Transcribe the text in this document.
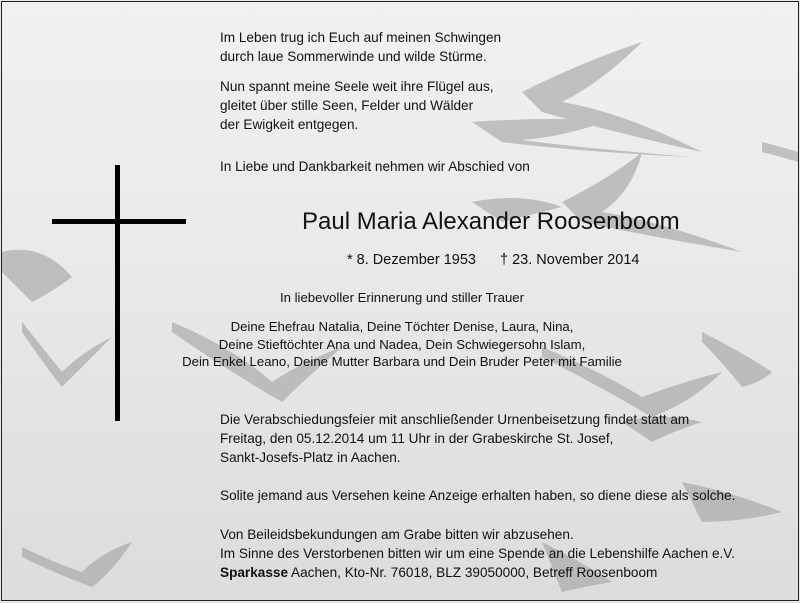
Im Leben trug ich Euch auf meinen Schwingen
durch laue Sommerwinde und wilde Stürme.

Nun spannt meine Seele weit ihre Flügel aus,
gleitet über stille Seen, Felder und Wälder
der Ewigkeit entgegen.

In Liebe und Dankbarkeit nehmen wir Abschied von
Paul Maria Alexander Roosenboom
* 8. Dezember 1953 † 23. November 2014
In liebevoller Erinnerung und stiller Trauer
Deine Ehefrau Natalia, Deine Töchter Denise, Laura, Nina,
Deine Stieftöchter Ana und Nadea, Dein Schwiegersohn Islam,
Dein Enkel Leano, Deine Mutter Barbara und Dein Bruder Peter mit Familie
Die Verabschiedungsfeier mit anschließender Urnenbeisetzung findet statt am
Freitag, den 05.12.2014 um 11 Uhr in der Grabeskirche St. Josef,
Sankt-Josefs-Platz in Aachen.
Solite jemand aus Versehen keine Anzeige erhalten haben, so diene diese als solche.
Von Beileidsbekundungen am Grabe bitten wir abzusehen.
Im Sinne des Verstorbenen bitten wir um eine Spende an die Lebenshilfe Aachen e.V.
Sparkasse Aachen, Kto-Nr. 76018, BLZ 39050000, Betreff Roosenboom
